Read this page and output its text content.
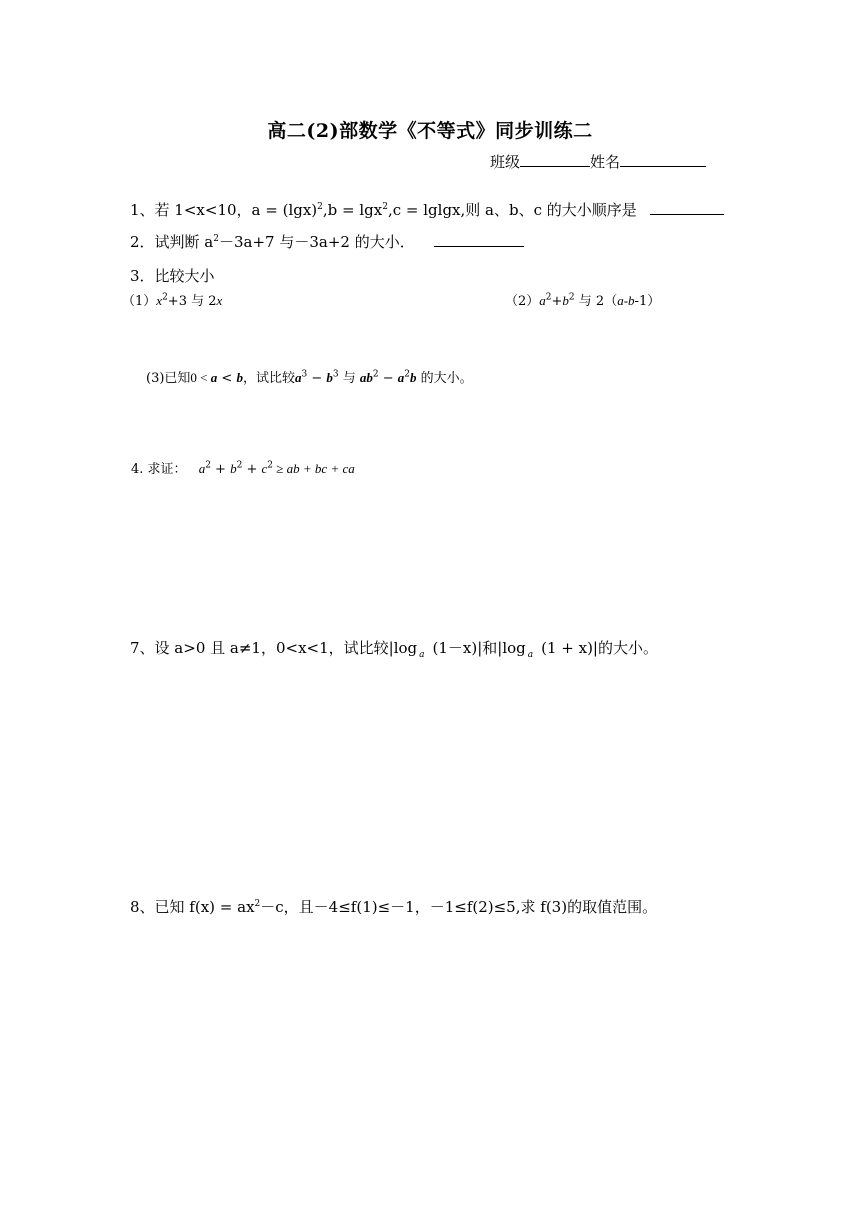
高二(2)部数学《不等式》同步训练二
班级	姓名
1、若 1<x<10，$a = (\lg x)^2,b = \lg x^2,c = lglgx$,则 a、b、c 的大小顺序是
2．试判断 $a^2-3a+7$ 与－3a+2 的大小．
3．比较大小
$(1)x^2+3$ 与 2x	$(2)a^2+b^2$ 与 2（a-b-1）
(3)已知0 < a < b，试比较$a^3 - b^3$ 与 $ab^2 - a^2b$ 的大小。
4. 求证： $a^2 + b^2 + c^2$ ≥ ab + bc + ca
7、设 a>0 且 a≠1，0<x<1，试比较|log $_a$ (1－x)|和|log $_a$ (1 + x)|的大小。
8、已知 $f(x) = ax^2-c$，且－4≤f(1)≤－1，－1≤f(2)≤5,求 f(3)的取值范围。
